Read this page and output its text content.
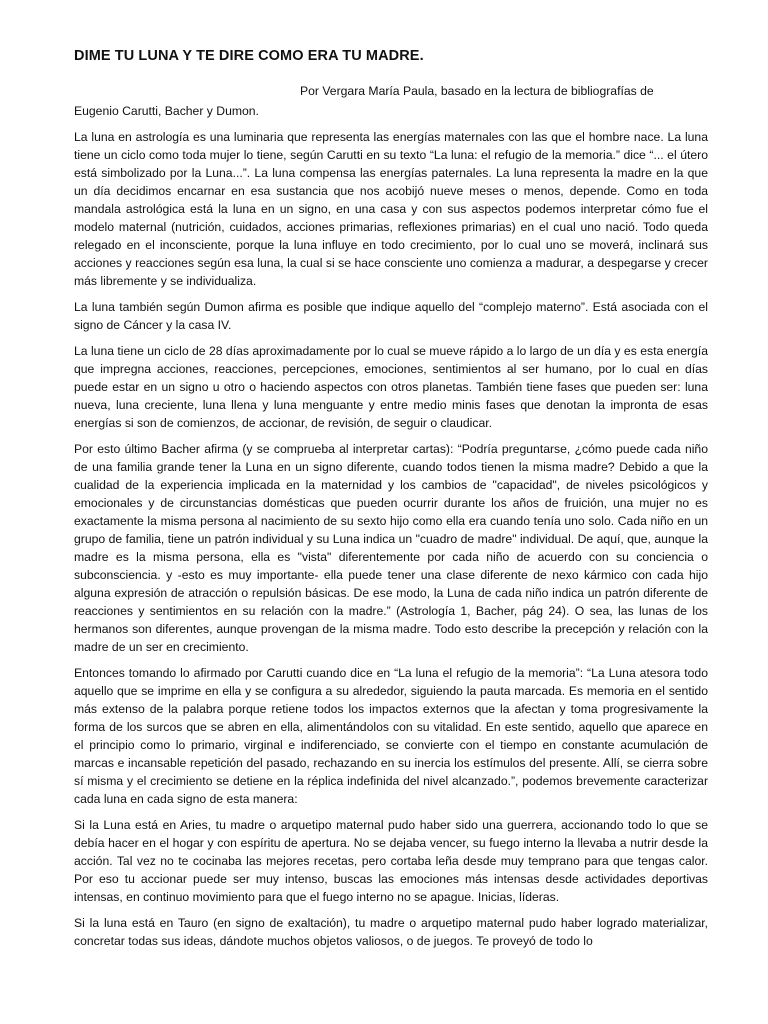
DIME TU LUNA Y TE DIRE COMO ERA TU MADRE.
Por Vergara María Paula, basado en la lectura de bibliografías de
Eugenio Carutti, Bacher y Dumon.

La luna en astrología es una luminaria que representa las energías maternales con las que el hombre nace. La luna tiene un ciclo como toda mujer lo tiene, según Carutti en su texto “La luna: el refugio de la memoria.” dice “... el útero está simbolizado por la Luna...”. La luna compensa las energías paternales. La luna representa la madre en la que un día decidimos encarnar en esa sustancia que nos acobijó nueve meses o menos, depende. Como en toda mandala astrológica está la luna en un signo, en una casa y con sus aspectos podemos interpretar cómo fue el modelo maternal (nutrición, cuidados, acciones primarias, reflexiones primarias) en el cual uno nació. Todo queda relegado en el inconsciente, porque la luna influye en todo crecimiento, por lo cual uno se moverá, inclinará sus acciones y reacciones según esa luna, la cual si se hace consciente uno comienza a madurar, a despegarse y crecer más libremente y se individualiza.

La luna también según Dumon afirma es posible que indique aquello del “complejo materno”. Está asociada con el signo de Cáncer y la casa IV.

La luna tiene un ciclo de 28 días aproximadamente por lo cual se mueve rápido a lo largo de un día y es esta energía que impregna acciones, reacciones, percepciones, emociones, sentimientos al ser humano, por lo cual en días puede estar en un signo u otro o haciendo aspectos con otros planetas. También tiene fases que pueden ser: luna nueva, luna creciente, luna llena y luna menguante y entre medio minis fases que denotan la impronta de esas energías si son de comienzos, de accionar, de revisión, de seguir o claudicar.

Por esto último Bacher afirma (y se comprueba al interpretar cartas): “Podría preguntarse, ¿cómo puede cada niño de una familia grande tener la Luna en un signo diferente, cuando todos tienen la misma madre? Debido a que la cualidad de la experiencia implicada en la maternidad y los cambios de "capacidad", de niveles psicológicos y emocionales y de circunstancias domésticas que pueden ocurrir durante los años de fruición, una mujer no es exactamente la misma persona al nacimiento de su sexto hijo como ella era cuando tenía uno solo. Cada niño en un grupo de familia, tiene un patrón individual y su Luna indica un "cuadro de madre" individual. De aquí, que, aunque la madre es la misma persona, ella es "vista" diferentemente por cada niño de acuerdo con su conciencia o subconsciencia. y -esto es muy importante- ella puede tener una clase diferente de nexo kármico con cada hijo alguna expresión de atracción o repulsión básicas. De ese modo, la Luna de cada niño indica un patrón diferente de reacciones y sentimientos en su relación con la madre.” (Astrología 1, Bacher, pág 24). O sea, las lunas de los hermanos son diferentes, aunque provengan de la misma madre. Todo esto describe la precepción y relación con la madre de un ser en crecimiento.

Entonces tomando lo afirmado por Carutti cuando dice en “La luna el refugio de la memoria”: “La Luna atesora todo aquello que se imprime en ella y se configura a su alrededor, siguiendo la pauta marcada. Es memoria en el sentido más extenso de la palabra porque retiene todos los impactos externos que la afectan y toma progresivamente la forma de los surcos que se abren en ella, alimentándolos con su vitalidad. En este sentido, aquello que aparece en el principio como lo primario, virginal e indiferenciado, se convierte con el tiempo en constante acumulación de marcas e incansable repetición del pasado, rechazando en su inercia los estímulos del presente. Allí, se cierra sobre sí misma y el crecimiento se detiene en la réplica indefinida del nivel alcanzado.”, podemos brevemente caracterizar cada luna en cada signo de esta manera:

Si la Luna está en Aries, tu madre o arquetipo maternal pudo haber sido una guerrera, accionando todo lo que se debía hacer en el hogar y con espíritu de apertura. No se dejaba vencer, su fuego interno la llevaba a nutrir desde la acción. Tal vez no te cocinaba las mejores recetas, pero cortaba leña desde muy temprano para que tengas calor. Por eso tu accionar puede ser muy intenso, buscas las emociones más intensas desde actividades deportivas intensas, en continuo movimiento para que el fuego interno no se apague. Inicias, líderas.

Si la luna está en Tauro (en signo de exaltación), tu madre o arquetipo maternal pudo haber logrado materializar, concretar todas sus ideas, dándote muchos objetos valiosos, o de juegos. Te proveyó de todo lo
